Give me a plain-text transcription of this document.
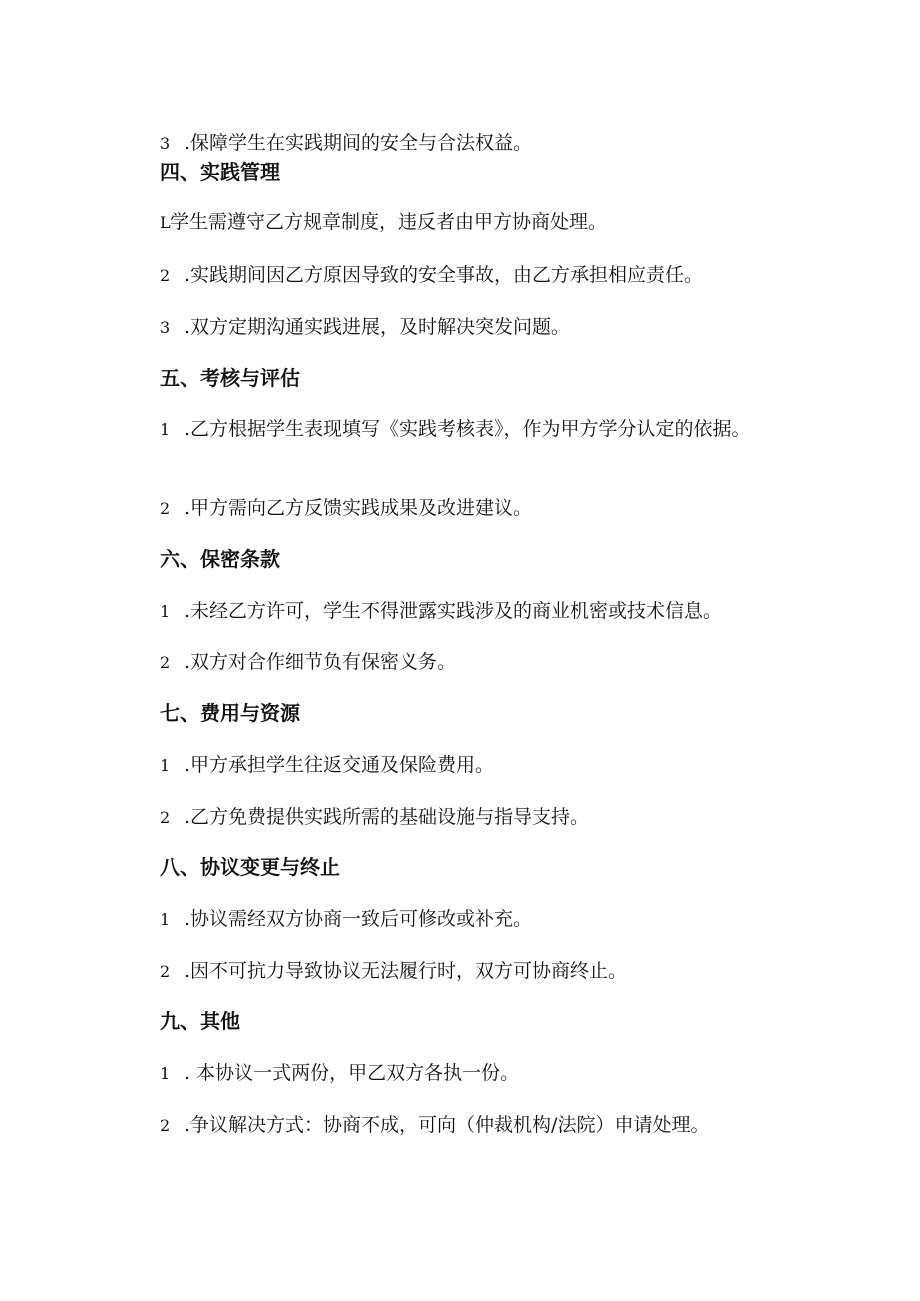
3 .保障学生在实践期间的安全与合法权益。
四、实践管理
L学生需遵守乙方规章制度，违反者由甲方协商处理。
2 .实践期间因乙方原因导致的安全事故，由乙方承担相应责任。
3 .双方定期沟通实践进展，及时解决突发问题。
五、考核与评估
1 .乙方根据学生表现填写《实践考核表》，作为甲方学分认定的依据。
2 .甲方需向乙方反馈实践成果及改进建议。
六、保密条款
1 .未经乙方许可，学生不得泄露实践涉及的商业机密或技术信息。
2 .双方对合作细节负有保密义务。
七、费用与资源
1 .甲方承担学生往返交通及保险费用。
2 .乙方免费提供实践所需的基础设施与指导支持。
八、协议变更与终止
1 .协议需经双方协商一致后可修改或补充。
2 .因不可抗力导致协议无法履行时，双方可协商终止。
九、其他
1 . 本协议一式两份，甲乙双方各执一份。
2 .争议解决方式：协商不成，可向（仲裁机构/法院）申请处理。
